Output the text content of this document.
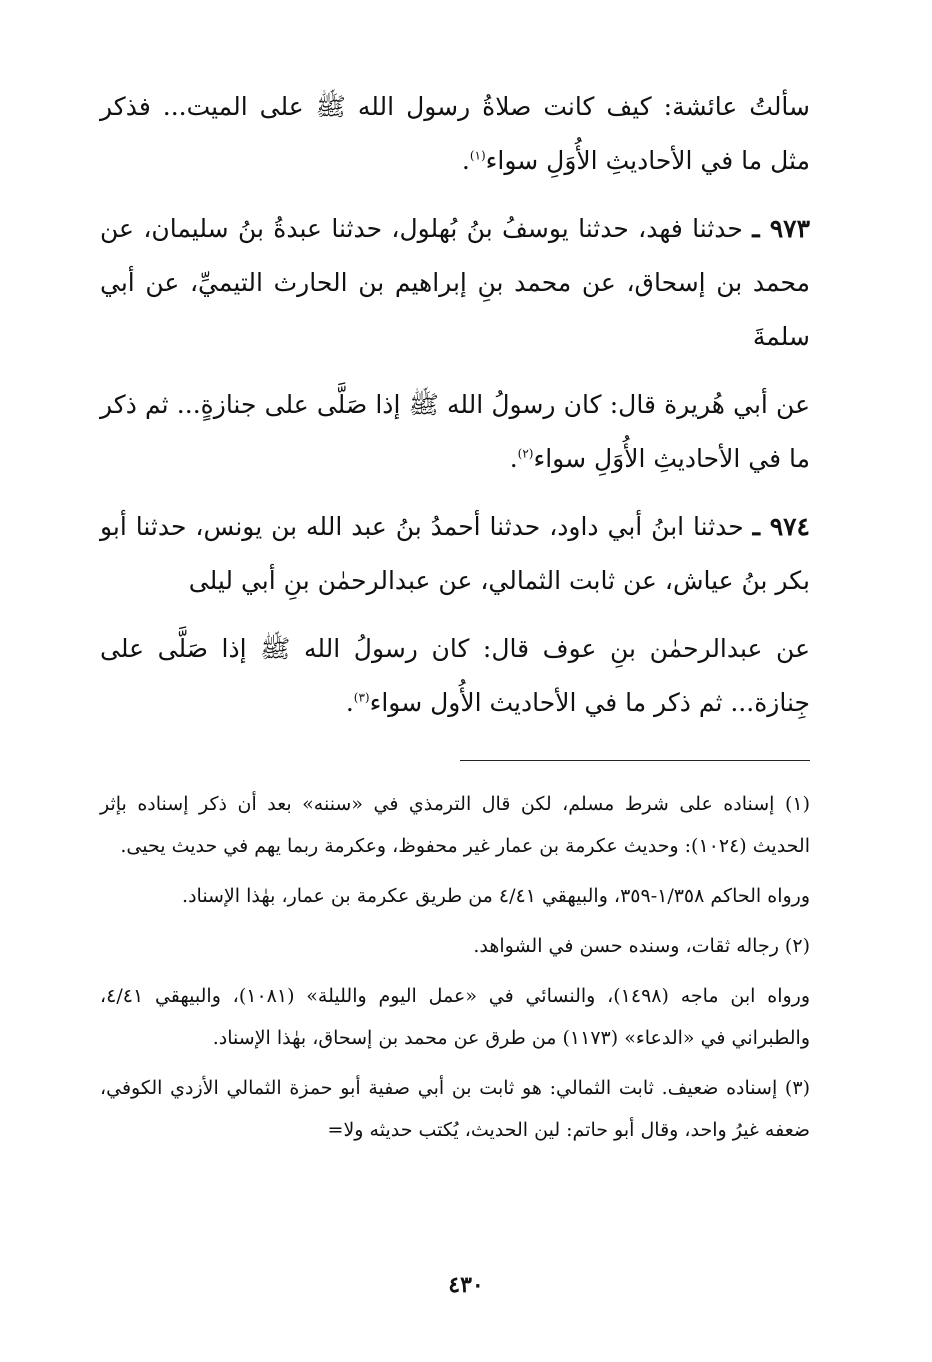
سألتُ عائشة: كيف كانت صلاةُ رسول الله ﷺ على الميت... فذكر مثل ما في الأحاديثِ الأُوَلِ سواء$^{(١)}$.

٩٧٣ ـ حدثنا فهد، حدثنا يوسفُ بنُ بُهلول، حدثنا عبدةُ بنُ سليمان، عن محمد بن إسحاق، عن محمد بنِ إبراهيم بن الحارث التيميِّ، عن أبي سلمةَ

عن أبي هُريرة قال: كان رسولُ الله ﷺ إذا صَلَّى على جنازةٍ... ثم ذكر ما في الأحاديثِ الأُوَلِ سواء$^{(٢)}$.

٩٧٤ ـ حدثنا ابنُ أبي داود، حدثنا أحمدُ بنُ عبد الله بن يونس، حدثنا أبو بكر بنُ عياش، عن ثابت الثمالي، عن عبدالرحمٰن بنِ أبي ليلى

عن عبدالرحمٰن بنِ عوف قال: كان رسولُ الله ﷺ إذا صَلَّى على جِنازة... ثم ذكر ما في الأحاديث الأُول سواء$^{(٣)}$.

(١) إسناده على شرط مسلم، لكن قال الترمذي في «سننه» بعد أن ذكر إسناده بإثر الحديث (١٠٢٤): وحديث عكرمة بن عمار غير محفوظ، وعكرمة ربما يهم في حديث يحيى.

ورواه الحاكم ١/٣٥٨-٣٥٩، والبيهقي ٤/٤١ من طريق عكرمة بن عمار، بهٰذا الإسناد.

(٢) رجاله ثقات، وسنده حسن في الشواهد.

ورواه ابن ماجه (١٤٩٨)، والنسائي في «عمل اليوم والليلة» (١٠٨١)، والبيهقي ٤/٤١، والطبراني في «الدعاء» (١١٧٣) من طرق عن محمد بن إسحاق، بهٰذا الإسناد.

(٣) إسناده ضعيف. ثابت الثمالي: هو ثابت بن أبي صفية أبو حمزة الثمالي الأزدي الكوفي، ضعفه غيرُ واحد، وقال أبو حاتم: لين الحديث، يُكتب حديثه ولا=

٤٣٠
